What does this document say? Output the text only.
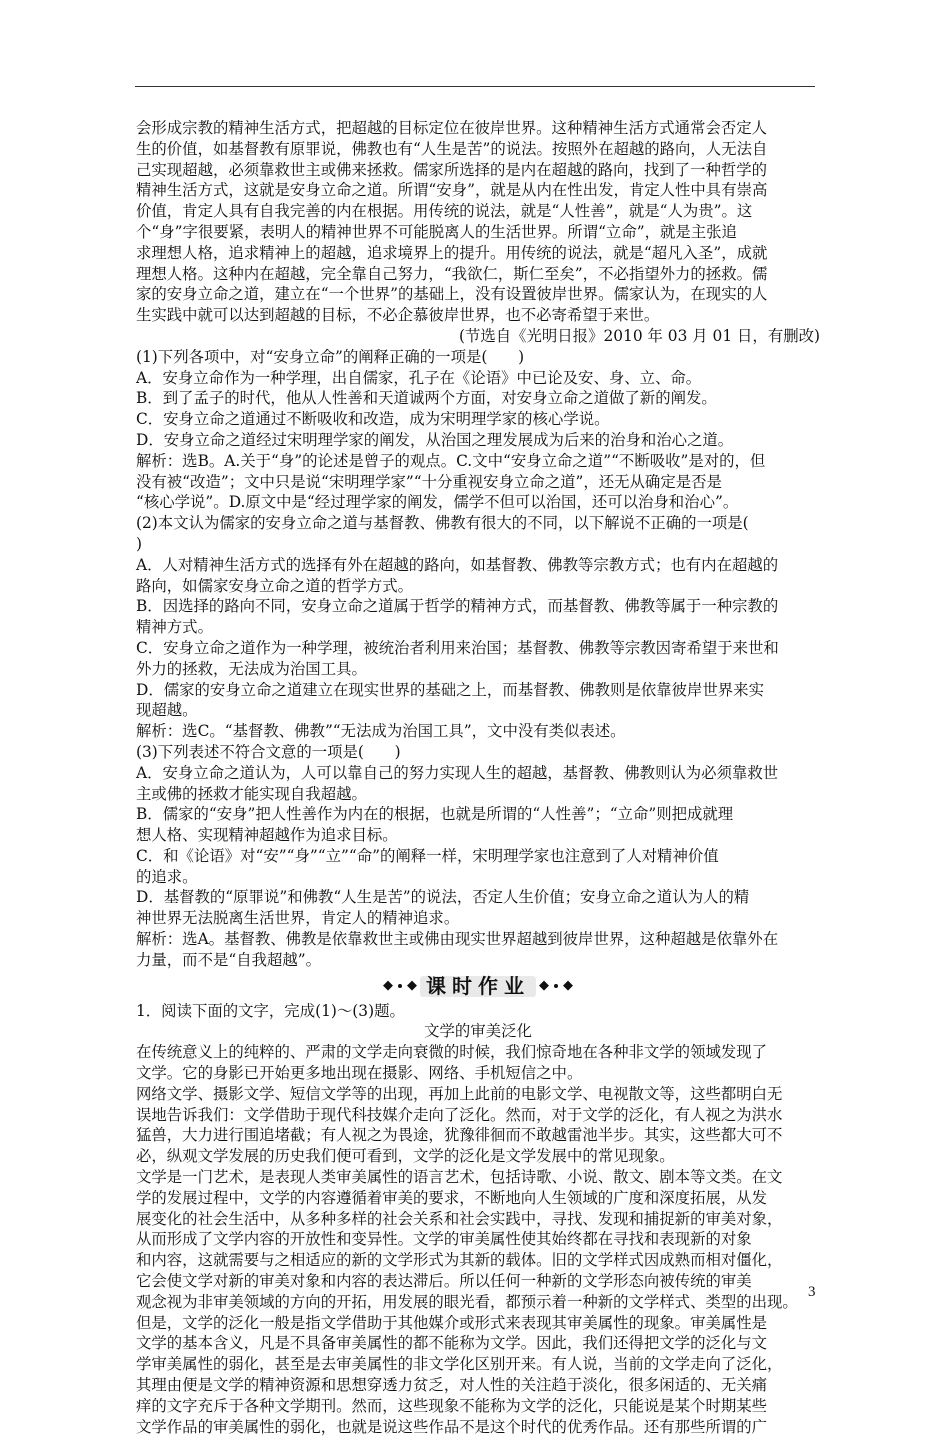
会形成宗教的精神生活方式，把超越的目标定位在彼岸世界。这种精神生活方式通常会否定人

生的价值，如基督教有原罪说，佛教也有“人生是苦”的说法。按照外在超越的路向，人无法自

己实现超越，必须靠救世主或佛来拯救。儒家所选择的是内在超越的路向，找到了一种哲学的

精神生活方式，这就是安身立命之道。所谓“安身”，就是从内在性出发，肯定人性中具有崇高

价值，肯定人具有自我完善的内在根据。用传统的说法，就是“人性善”，就是“人为贵”。这

个“身”字很要紧，表明人的精神世界不可能脱离人的生活世界。所谓“立命”，就是主张追

求理想人格，追求精神上的超越，追求境界上的提升。用传统的说法，就是“超凡入圣”，成就

理想人格。这种内在超越，完全靠自己努力，“我欲仁，斯仁至矣”，不必指望外力的拯救。儒

家的安身立命之道，建立在“一个世界”的基础上，没有设置彼岸世界。儒家认为，在现实的人

生实践中就可以达到超越的目标，不必企慕彼岸世界，也不必寄希望于来世。

(节选自《光明日报》2010 年 03 月 01 日，有删改)

(1)下列各项中，对“安身立命”的阐释正确的一项是(　　)

A．安身立命作为一种学理，出自儒家，孔子在《论语》中已论及安、身、立、命。

B．到了孟子的时代，他从人性善和天道诚两个方面，对安身立命之道做了新的阐发。

C．安身立命之道通过不断吸收和改造，成为宋明理学家的核心学说。

D．安身立命之道经过宋明理学家的阐发，从治国之理发展成为后来的治身和治心之道。

解析：选B。A.关于“身”的论述是曾子的观点。C.文中“安身立命之道”“不断吸收”是对的，但

没有被“改造”；文中只是说“宋明理学家”“十分重视安身立命之道”，还无从确定是否是

“核心学说”。D.原文中是“经过理学家的阐发，儒学不但可以治国，还可以治身和治心”。

(2)本文认为儒家的安身立命之道与基督教、佛教有很大的不同，以下解说不正确的一项是(

)

A．人对精神生活方式的选择有外在超越的路向，如基督教、佛教等宗教方式；也有内在超越的

路向，如儒家安身立命之道的哲学方式。

B．因选择的路向不同，安身立命之道属于哲学的精神方式，而基督教、佛教等属于一种宗教的

精神方式。

C．安身立命之道作为一种学理，被统治者利用来治国；基督教、佛教等宗教因寄希望于来世和

外力的拯救，无法成为治国工具。

D．儒家的安身立命之道建立在现实世界的基础之上，而基督教、佛教则是依靠彼岸世界来实

现超越。

解析：选C。“基督教、佛教”“无法成为治国工具”，文中没有类似表述。

(3)下列表述不符合文意的一项是(　　)

A．安身立命之道认为，人可以靠自己的努力实现人生的超越，基督教、佛教则认为必须靠救世

主或佛的拯救才能实现自我超越。

B．儒家的“安身”把人性善作为内在的根据，也就是所谓的“人性善”；“立命”则把成就理

想人格、实现精神超越作为追求目标。

C．和《论语》对“安”“身”“立”“命”的阐释一样，宋明理学家也注意到了人对精神价值

的追求。

D．基督教的“原罪说”和佛教“人生是苦”的说法，否定人生价值；安身立命之道认为人的精

神世界无法脱离生活世界，肯定人的精神追求。

解析：选A。基督教、佛教是依靠救世主或佛由现实世界超越到彼岸世界，这种超越是依靠外在

力量，而不是“自我超越”。

◆ ◆ 课时作业 ◆ ◆

1．阅读下面的文字，完成(1)～(3)题。

文学的审美泛化

在传统意义上的纯粹的、严肃的文学走向衰微的时候，我们惊奇地在各种非文学的领域发现了

文学。它的身影已开始更多地出现在摄影、网络、手机短信之中。

网络文学、摄影文学、短信文学等的出现，再加上此前的电影文学、电视散文等，这些都明白无

误地告诉我们：文学借助于现代科技媒介走向了泛化。然而，对于文学的泛化，有人视之为洪水

猛兽，大力进行围追堵截；有人视之为畏途，犹豫徘徊而不敢越雷池半步。其实，这些都大可不

必，纵观文学发展的历史我们便可看到，文学的泛化是文学发展中的常见现象。

文学是一门艺术，是表现人类审美属性的语言艺术，包括诗歌、小说、散文、剧本等文类。在文

学的发展过程中，文学的内容遵循着审美的要求，不断地向人生领域的广度和深度拓展，从发

展变化的社会生活中，从多种多样的社会关系和社会实践中，寻找、发现和捕捉新的审美对象，

从而形成了文学内容的开放性和变异性。文学的审美属性使其始终都在寻找和表现新的对象

和内容，这就需要与之相适应的新的文学形式为其新的载体。旧的文学样式因成熟而相对僵化，

它会使文学对新的审美对象和内容的表达滞后。所以任何一种新的文学形态向被传统的审美

观念视为非审美领域的方向的开拓，用发展的眼光看，都预示着一种新的文学样式、类型的出现。

但是，文学的泛化一般是指文学借助于其他媒介或形式来表现其审美属性的现象。审美属性是

文学的基本含义，凡是不具备审美属性的都不能称为文学。因此，我们还得把文学的泛化与文

学审美属性的弱化，甚至是去审美属性的非文学化区别开来。有人说，当前的文学走向了泛化，

其理由便是文学的精神资源和思想穿透力贫乏，对人性的关注趋于淡化，很多闲适的、无关痛

痒的文字充斥于各种文学期刊。然而，这些现象不能称为文学的泛化，只能说是某个时期某些

文学作品的审美属性的弱化，也就是说这些作品不是这个时代的优秀作品。还有那些所谓的广

3
